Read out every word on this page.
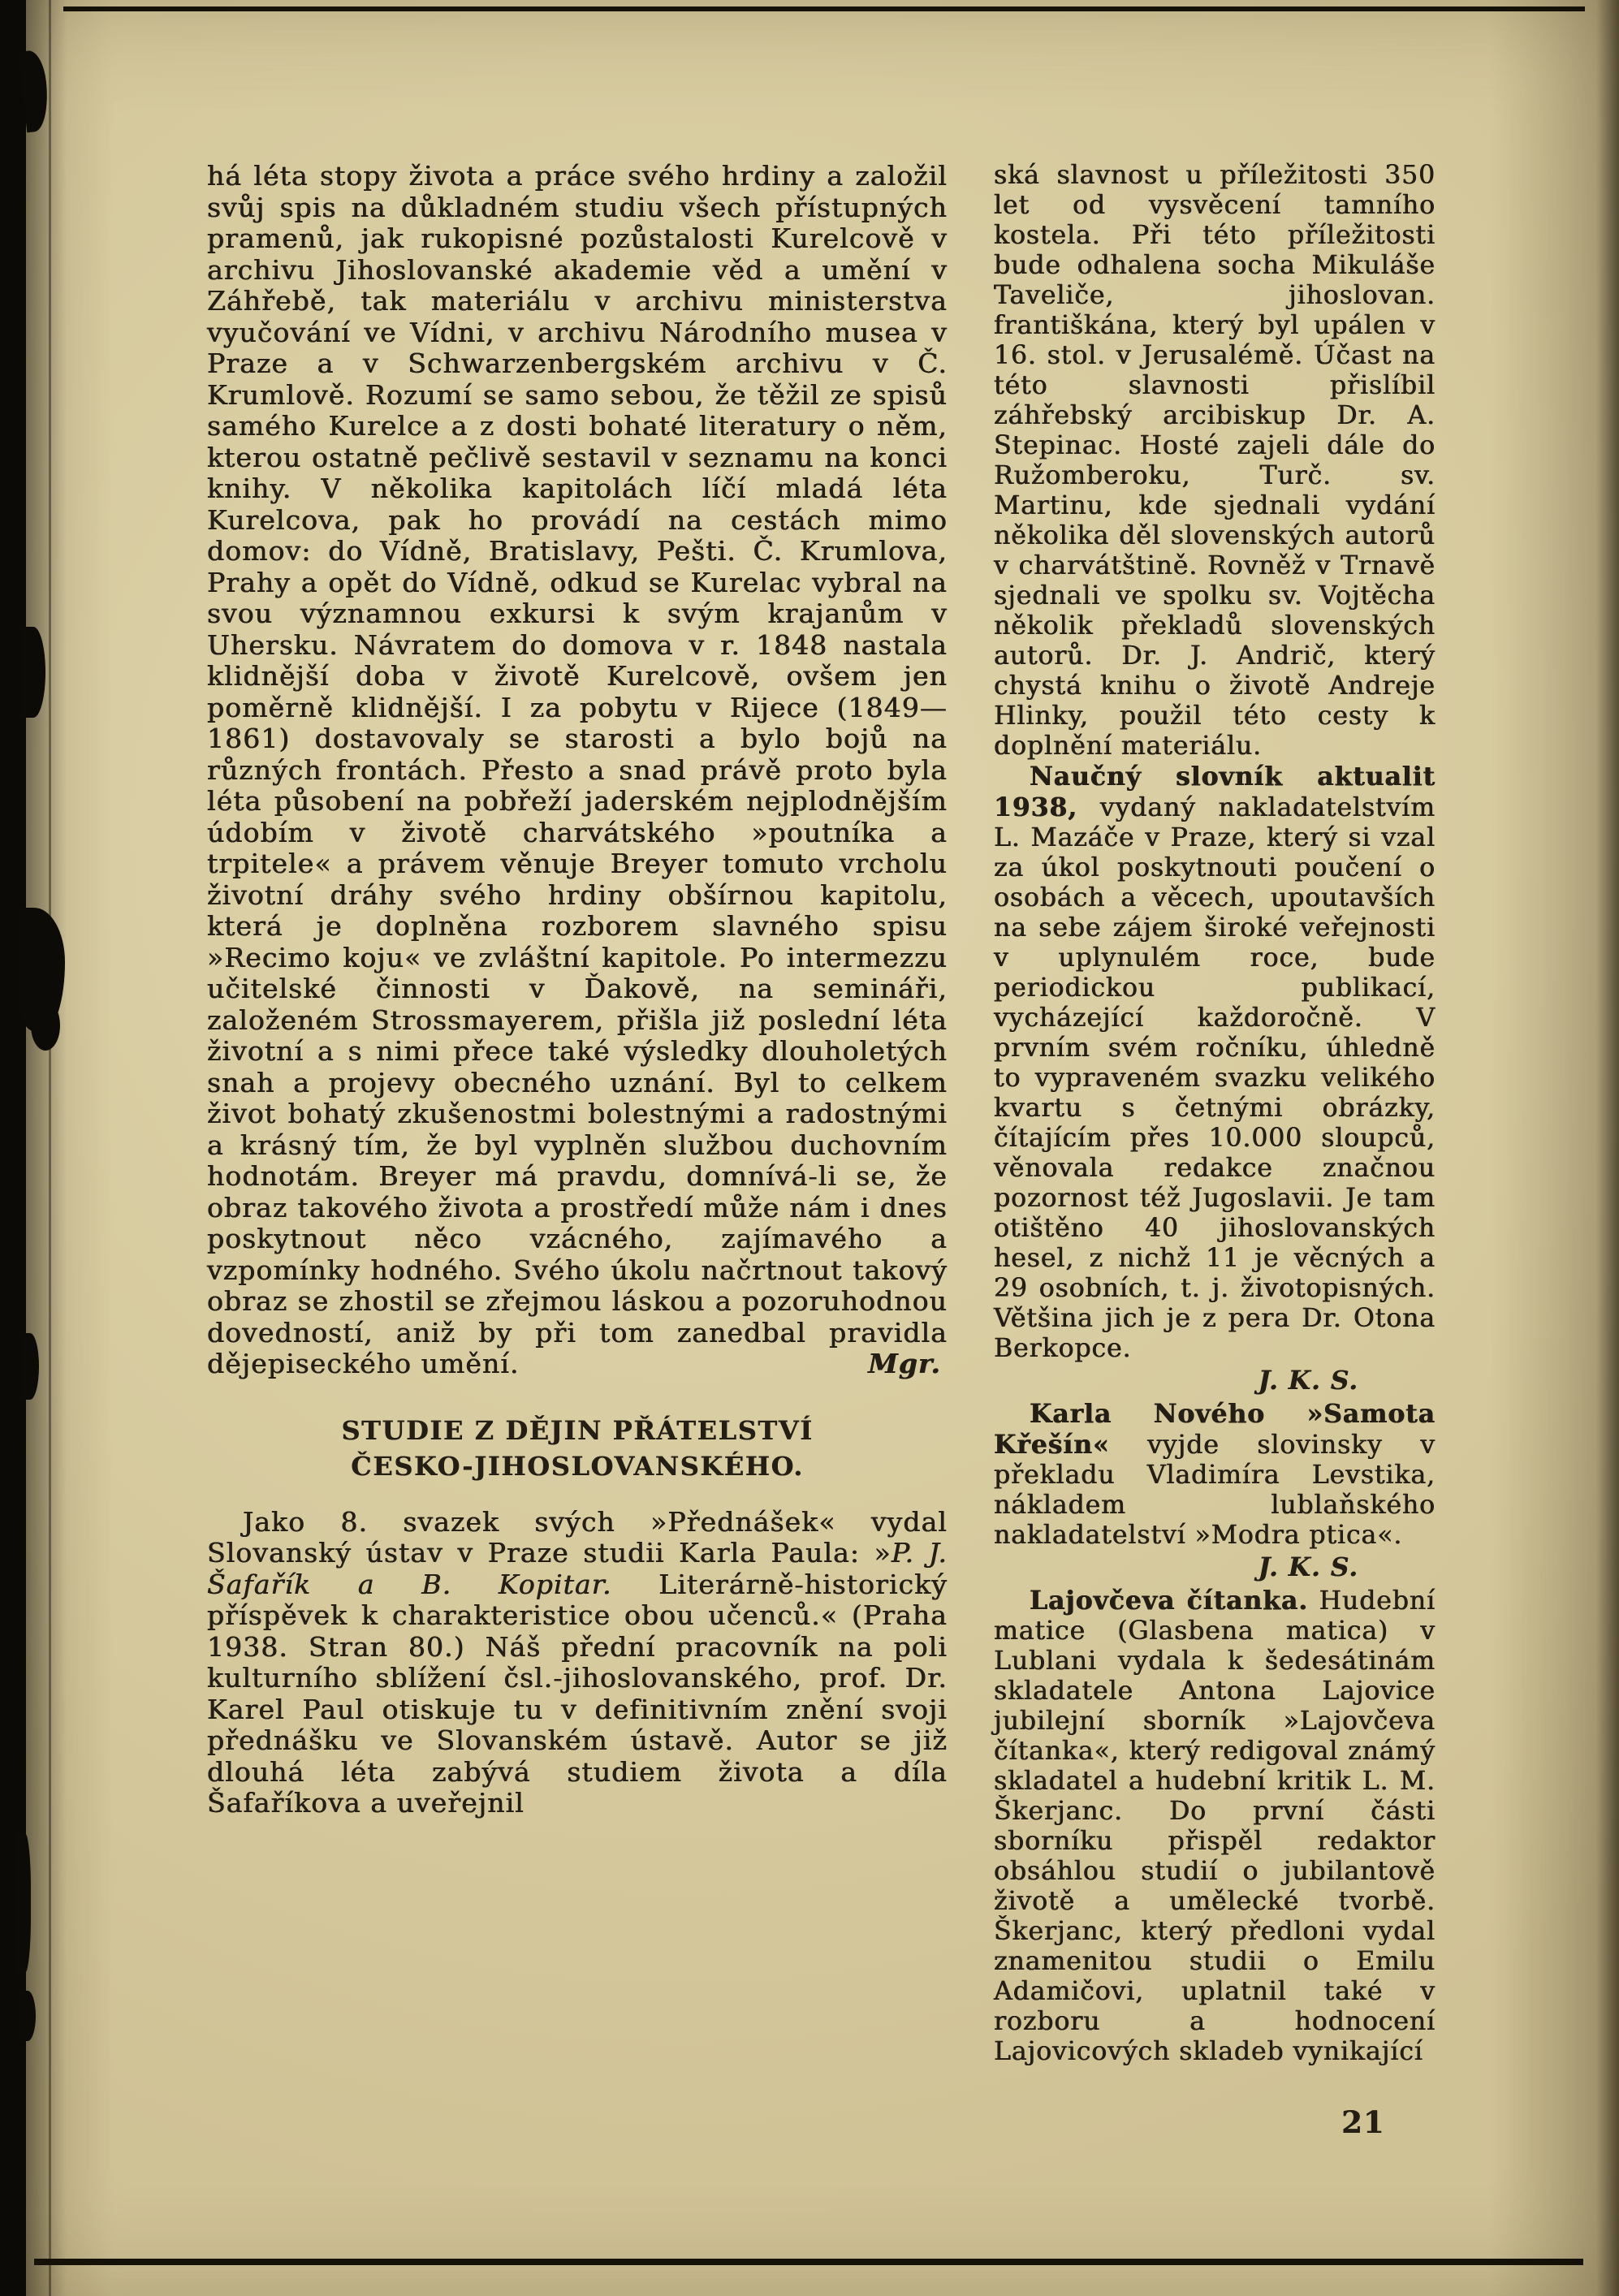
há léta stopy života a práce svého hrdiny a založil svůj spis na důkladném studiu všech přístupných pramenů, jak rukopisné pozůstalosti Kurelcově v archivu Jihoslovanské akademie věd a umění v Záhřebě, tak materiálu v archivu ministerstva vyučování ve Vídni, v archivu Národního musea v Praze a v Schwarzenbergském archivu v Č. Krumlově. Rozumí se samo sebou, že těžil ze spisů samého Kurelce a z dosti bohaté literatury o něm, kterou ostatně pečlivě sestavil v seznamu na konci knihy. V několika kapitolách líčí mladá léta Kurelcova, pak ho provádí na cestách mimo domov: do Vídně, Bratislavy, Pešti. Č. Krumlova, Prahy a opět do Vídně, odkud se Kurelac vybral na svou významnou exkursi k svým krajanům v Uhersku. Návratem do domova v r. 1848 nastala klidnější doba v životě Kurelcově, ovšem jen poměrně klidnější. I za pobytu v Rijece (1849—1861) dostavovaly se starosti a bylo bojů na různých frontách. Přesto a snad právě proto byla léta působení na pobřeží jaderském nejplodnějším údobím v životě charvátského »poutníka a trpitele« a právem věnuje Breyer tomuto vrcholu životní dráhy svého hrdiny obšírnou kapitolu, která je doplněna rozborem slavného spisu »Recimo koju« ve zvláštní kapitole. Po intermezzu učitelské činnosti v Ďakově, na semináři, založeném Strossmayerem, přišla již poslední léta životní a s nimi přece také výsledky dlouholetých snah a projevy obecného uznání. Byl to celkem život bohatý zkušenostmi bolestnými a radostnými a krásný tím, že byl vyplněn službou duchovním hodnotám. Breyer má pravdu, domnívá-li se, že obraz takového života a prostředí může nám i dnes poskytnout něco vzácného, zajímavého a vzpomínky hodného. Svého úkolu načrtnout takový obraz se zhostil se zřejmou láskou a pozoruhodnou dovedností, aniž by při tom zanedbal pravidla dějepiseckého umění.	Mgr.

STUDIE Z DĚJIN PŘÁTELSTVÍ
ČESKO-JIHOSLOVANSKÉHO.

Jako 8. svazek svých »Přednášek« vydal Slovanský ústav v Praze studii Karla Paula: »P. J. Šafařík a B. Kopitar. Literárně-historický příspěvek k charakteristice obou učenců.« (Praha 1938. Stran 80.) Náš přední pracovník na poli kulturního sblížení čsl.-jihoslovanského, prof. Dr. Karel Paul otiskuje tu v definitivním znění svoji přednášku ve Slovanském ústavě. Autor se již dlouhá léta zabývá studiem života a díla Šafaříkova a uveřejnil

ská slavnost u příležitosti 350 let od vysvěcení tamního kostela. Při této příležitosti bude odhalena socha Mikuláše Taveliče, jihoslovan. františkána, který byl upálen v 16. stol. v Jerusalémě. Účast na této slavnosti přislíbil záhřebský arcibiskup Dr. A. Stepinac. Hosté zajeli dále do Ružomberoku, Turč. sv. Martinu, kde sjednali vydání několika děl slovenských autorů v charvátštině. Rovněž v Trnavě sjednali ve spolku sv. Vojtěcha několik překladů slovenských autorů. Dr. J. Andrič, který chystá knihu o životě Andreje Hlinky, použil této cesty k doplnění materiálu.

Naučný slovník aktualit 1938, vydaný nakladatelstvím L. Mazáče v Praze, který si vzal za úkol poskytnouti poučení o osobách a věcech, upoutavších na sebe zájem široké veřejnosti v uplynulém roce, bude periodickou publikací, vycházející každoročně. V prvním svém ročníku, úhledně to vypraveném svazku velikého kvartu s četnými obrázky, čítajícím přes 10.000 sloupců, věnovala redakce značnou pozornost též Jugoslavii. Je tam otištěno 40 jihoslovanských hesel, z nichž 11 je věcných a 29 osobních, t. j. životopisných. Většina jich je z pera Dr. Otona Berkopce.

J. K. S.

Karla Nového »Samota Křešín« vyjde slovinsky v překladu Vladimíra Levstika, nákladem lublaňského nakladatelství »Modra ptica«.

J. K. S.

Lajovčeva čítanka. Hudební matice (Glasbena matica) v Lublani vydala k šedesátinám skladatele Antona Lajovice jubilejní sborník »Lajovčeva čítanka«, který redigoval známý skladatel a hudební kritik L. M. Škerjanc. Do první části sborníku přispěl redaktor obsáhlou studií o jubilantově životě a umělecké tvorbě. Škerjanc, který předloni vydal znamenitou studii o Emilu Adamičovi, uplatnil také v rozboru a hodnocení Lajovicových skladeb vynikající

21
